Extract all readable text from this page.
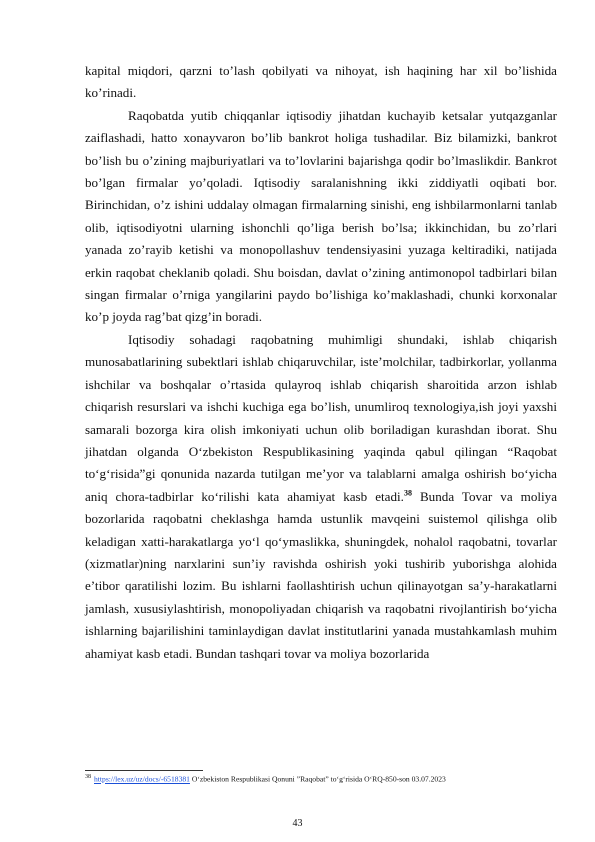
kapital miqdori, qarzni to’lash qobilyati va nihoyat, ish haqining har xil bo’lishida ko’rinadi.

Raqobatda yutib chiqqanlar iqtisodiy jihatdan kuchayib ketsalar yutqazganlar zaiflashadi, hatto xonayvaron bo’lib bankrot holiga tushadilar. Biz bilamizki, bankrot bo’lish bu o’zining majburiyatlari va to’lovlarini bajarishga qodir bo’lmaslikdir. Bankrot bo’lgan firmalar yo’qoladi. Iqtisodiy saralanishning ikki ziddiyatli oqibati bor. Birinchidan, o’z ishini uddalay olmagan firmalarning sinishi, eng ishbilarmonlarni tanlab olib, iqtisodiyotni ularning ishonchli qo’liga berish bo’lsa; ikkinchidan, bu zo’rlari yanada zo’rayib ketishi va monopollashuv tendensiyasini yuzaga keltiradiki, natijada erkin raqobat cheklanib qoladi. Shu boisdan, davlat o’zining antimonopol tadbirlari bilan singan firmalar o’rniga yangilarini paydo bo’lishiga ko’maklashadi, chunki korxonalar ko’p joyda rag’bat qizg’in boradi.

Iqtisodiy sohadagi raqobatning muhimligi shundaki, ishlab chiqarish munosabatlarining subektlari ishlab chiqaruvchilar, iste’molchilar, tadbirkorlar, yollanma ishchilar va boshqalar o’rtasida qulayroq ishlab chiqarish sharoitida arzon ishlab chiqarish resurslari va ishchi kuchiga ega bo’lish, unumliroq texnologiya,ish joyi yaxshi samarali bozorga kira olish imkoniyati uchun olib boriladigan kurashdan iborat. Shu jihatdan olganda O‘zbekiston Respublikasining yaqinda qabul qilingan “Raqobat to‘g‘risida”gi qonunida nazarda tutilgan me’yor va talablarni amalga oshirish bo‘yicha aniq chora-tadbirlar ko‘rilishi kata ahamiyat kasb etadi.$^{38}$ Bunda Tovar va moliya bozorlarida raqobatni cheklashga hamda ustunlik mavqeini suistemol qilishga olib keladigan xatti-harakatlarga yo‘l qo‘ymaslikka, shuningdek, nohalol raqobatni, tovarlar (xizmatlar)ning narxlarini sun’iy ravishda oshirish yoki tushirib yuborishga alohida e’tibor qaratilishi lozim. Bu ishlarni faollashtirish uchun qilinayotgan sa’y-harakatlarni jamlash, xususiylashtirish, monopoliyadan chiqarish va raqobatni rivojlantirish bo‘yicha ishlarning bajarilishini taminlaydigan davlat institutlarini yanada mustahkamlash muhim ahamiyat kasb etadi. Bundan tashqari tovar va moliya bozorlarida

$^{38}$ https://lex.uz/uz/docs/-6518381 O‘zbekiston Respublikasi Qonuni ”Raqobat” to‘g‘risida O‘RQ-850-son 03.07.2023
43
